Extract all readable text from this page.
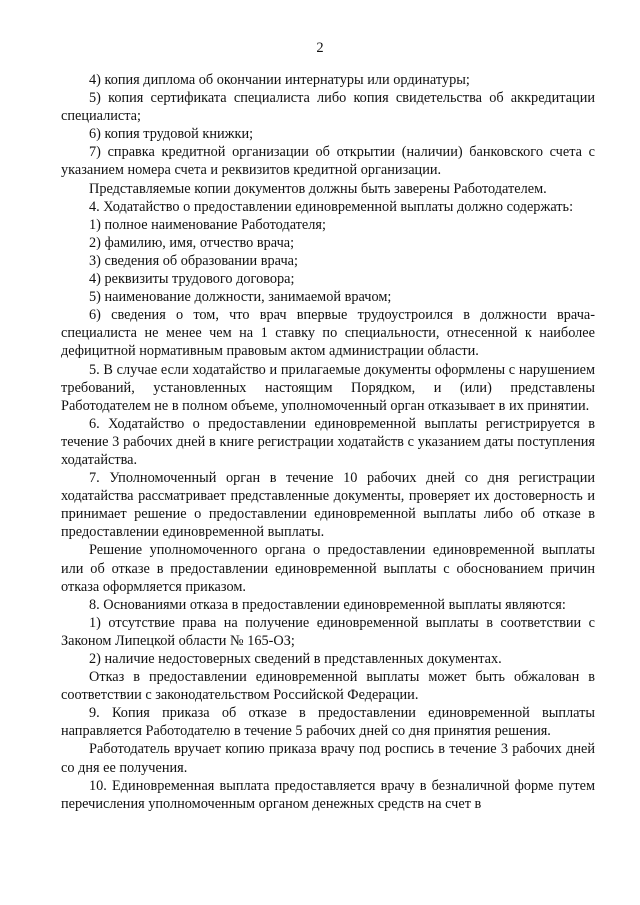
2

4) копия диплома об окончании интернатуры или ординатуры;

5) копия сертификата специалиста либо копия свидетельства об аккредитации специалиста;

6) копия трудовой книжки;

7) справка кредитной организации об открытии (наличии) банковского счета с указанием номера счета и реквизитов кредитной организации.

Представляемые копии документов должны быть заверены Работодателем.

4. Ходатайство о предоставлении единовременной выплаты должно содержать:

1) полное наименование Работодателя;

2) фамилию, имя, отчество врача;

3) сведения об образовании врача;

4) реквизиты трудового договора;

5) наименование должности, занимаемой врачом;

6) сведения о том, что врач впервые трудоустроился в должности врача-специалиста не менее чем на 1 ставку по специальности, отнесенной к наиболее дефицитной нормативным правовым актом администрации области.

5. В случае если ходатайство и прилагаемые документы оформлены с нарушением требований, установленных настоящим Порядком, и (или) представлены Работодателем не в полном объеме, уполномоченный орган отказывает в их принятии.

6. Ходатайство о предоставлении единовременной выплаты регистрируется в течение 3 рабочих дней в книге регистрации ходатайств с указанием даты поступления ходатайства.

7. Уполномоченный орган в течение 10 рабочих дней со дня регистрации ходатайства рассматривает представленные документы, проверяет их достоверность и принимает решение о предоставлении единовременной выплаты либо об отказе в предоставлении единовременной выплаты.

Решение уполномоченного органа о предоставлении единовременной выплаты или об отказе в предоставлении единовременной выплаты с обоснованием причин отказа оформляется приказом.

8. Основаниями отказа в предоставлении единовременной выплаты являются:

1) отсутствие права на получение единовременной выплаты в соответствии с Законом Липецкой области № 165-ОЗ;

2) наличие недостоверных сведений в представленных документах.

Отказ в предоставлении единовременной выплаты может быть обжалован в соответствии с законодательством Российской Федерации.

9. Копия приказа об отказе в предоставлении единовременной выплаты направляется Работодателю в течение 5 рабочих дней со дня принятия решения.

Работодатель вручает копию приказа врачу под роспись в течение 3 рабочих дней со дня ее получения.

10. Единовременная выплата предоставляется врачу в безналичной форме путем перечисления уполномоченным органом денежных средств на счет в
